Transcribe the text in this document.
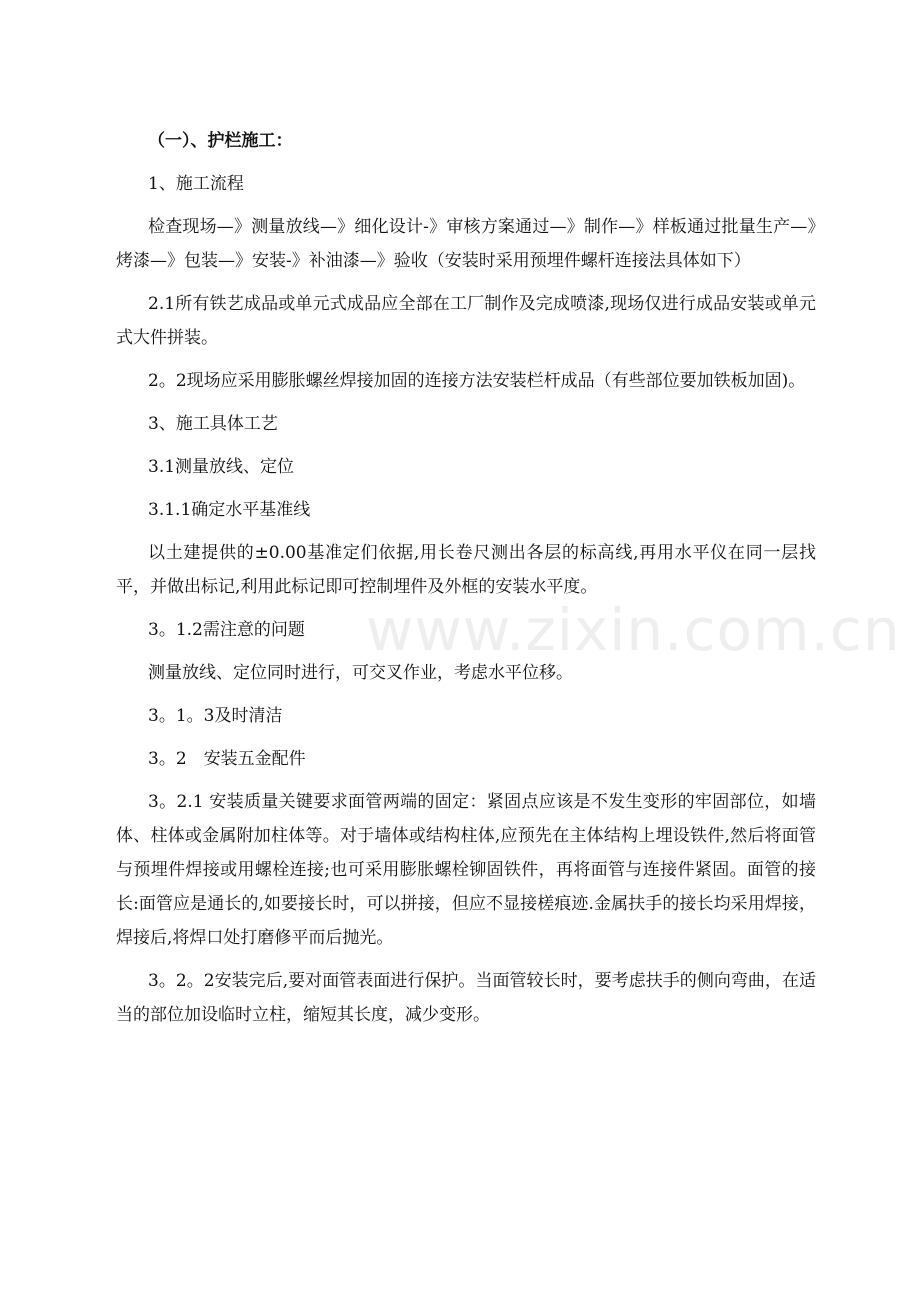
www.zixin.com.cn

（一）、护栏施工：

1、施工流程

检查现场—》测量放线—》细化设计-》审核方案通过—》制作—》样板通过批量生产—》烤漆—》包装—》安装-》补油漆—》验收（安装时采用预埋件螺杆连接法具体如下）

2.1所有铁艺成品或单元式成品应全部在工厂制作及完成喷漆,现场仅进行成品安装或单元式大件拼装。

2。2现场应采用膨胀螺丝焊接加固的连接方法安装栏杆成品（有些部位要加铁板加固)。

3、施工具体工艺

3.1测量放线、定位

3.1.1确定水平基准线

以土建提供的±0.00基准定们依据,用长卷尺测出各层的标高线,再用水平仪在同一层找平，并做出标记,利用此标记即可控制埋件及外框的安装水平度。

3。1.2需注意的问题

测量放线、定位同时进行，可交叉作业，考虑水平位移。

3。1。3及时清洁

3。2　安装五金配件

3。2.1 安装质量关键要求面管两端的固定：紧固点应该是不发生变形的牢固部位，如墙体、柱体或金属附加柱体等。对于墙体或结构柱体,应预先在主体结构上埋设铁件,然后将面管与预埋件焊接或用螺栓连接;也可采用膨胀螺栓铆固铁件，再将面管与连接件紧固。面管的接长:面管应是通长的,如要接长时，可以拼接，但应不显接槎痕迹.金属扶手的接长均采用焊接，焊接后,将焊口处打磨修平而后抛光。

3。2。2安装完后,要对面管表面进行保护。当面管较长时，要考虑扶手的侧向弯曲，在适当的部位加设临时立柱，缩短其长度，减少变形。
